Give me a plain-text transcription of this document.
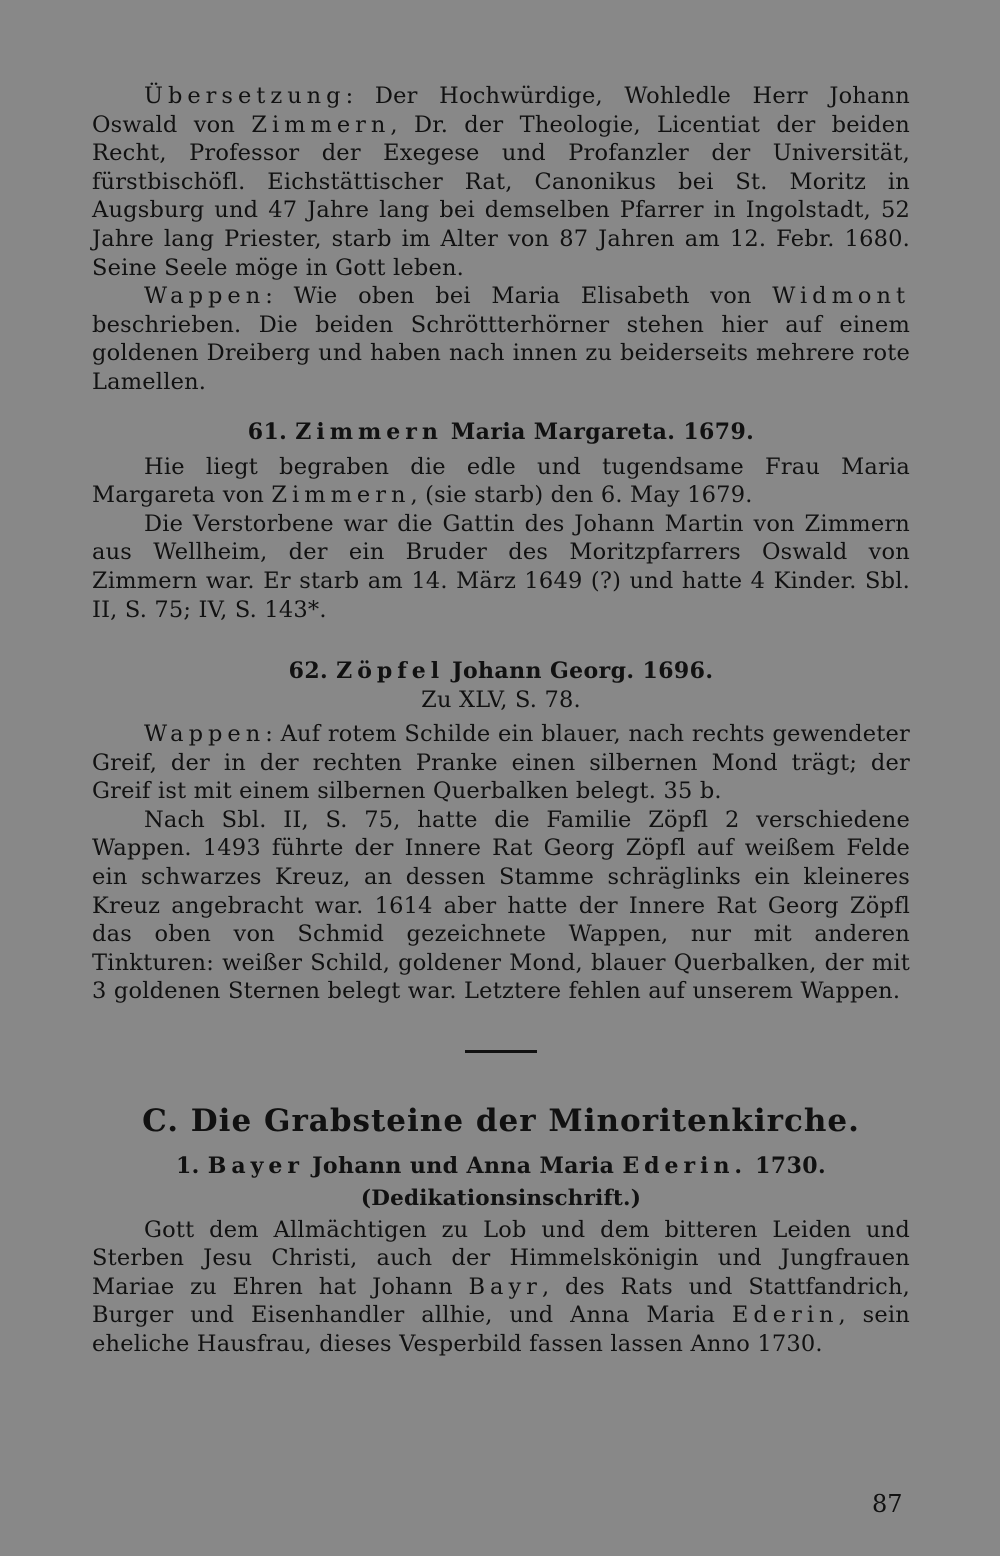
Übersetzung: Der Hochwürdige, Wohledle Herr Johann Oswald von Zimmern, Dr. der Theologie, Licentiat der beiden Recht, Professor der Exegese und Profanzler der Universität, fürstbischöfl. Eichstättischer Rat, Canonikus bei St. Moritz in Augsburg und 47 Jahre lang bei demselben Pfarrer in Ingolstadt, 52 Jahre lang Priester, starb im Alter von 87 Jahren am 12. Febr. 1680. Seine Seele möge in Gott leben.

Wappen: Wie oben bei Maria Elisabeth von Widmont beschrieben. Die beiden Schröttterhörner stehen hier auf einem goldenen Dreiberg und haben nach innen zu beiderseits mehrere rote Lamellen.

61. Zimmern Maria Margareta. 1679.

Hie liegt begraben die edle und tugendsame Frau Maria Margareta von Zimmern, (sie starb) den 6. May 1679.

Die Verstorbene war die Gattin des Johann Martin von Zimmern aus Wellheim, der ein Bruder des Moritzpfarrers Oswald von Zimmern war. Er starb am 14. März 1649 (?) und hatte 4 Kinder. Sbl. II, S. 75; IV, S. 143*.

62. Zöpfel Johann Georg. 1696.

Zu XLV, S. 78.

Wappen: Auf rotem Schilde ein blauer, nach rechts gewendeter Greif, der in der rechten Pranke einen silbernen Mond trägt; der Greif ist mit einem silbernen Querbalken belegt. 35 b.

Nach Sbl. II, S. 75, hatte die Familie Zöpfl 2 verschiedene Wappen. 1493 führte der Innere Rat Georg Zöpfl auf weißem Felde ein schwarzes Kreuz, an dessen Stamme schräglinks ein kleineres Kreuz angebracht war. 1614 aber hatte der Innere Rat Georg Zöpfl das oben von Schmid gezeichnete Wappen, nur mit anderen Tinkturen: weißer Schild, goldener Mond, blauer Querbalken, der mit 3 goldenen Sternen belegt war. Letztere fehlen auf unserem Wappen.

C. Die Grabsteine der Minoritenkirche.
1. Bayer Johann und Anna Maria Ederin. 1730.

(Dedikationsinschrift.)

Gott dem Allmächtigen zu Lob und dem bitteren Leiden und Sterben Jesu Christi, auch der Himmelskönigin und Jungfrauen Mariae zu Ehren hat Johann Bayr, des Rats und Stattfandrich, Burger und Eisenhandler allhie, und Anna Maria Ederin, sein eheliche Hausfrau, dieses Vesperbild fassen lassen Anno 1730.

87
